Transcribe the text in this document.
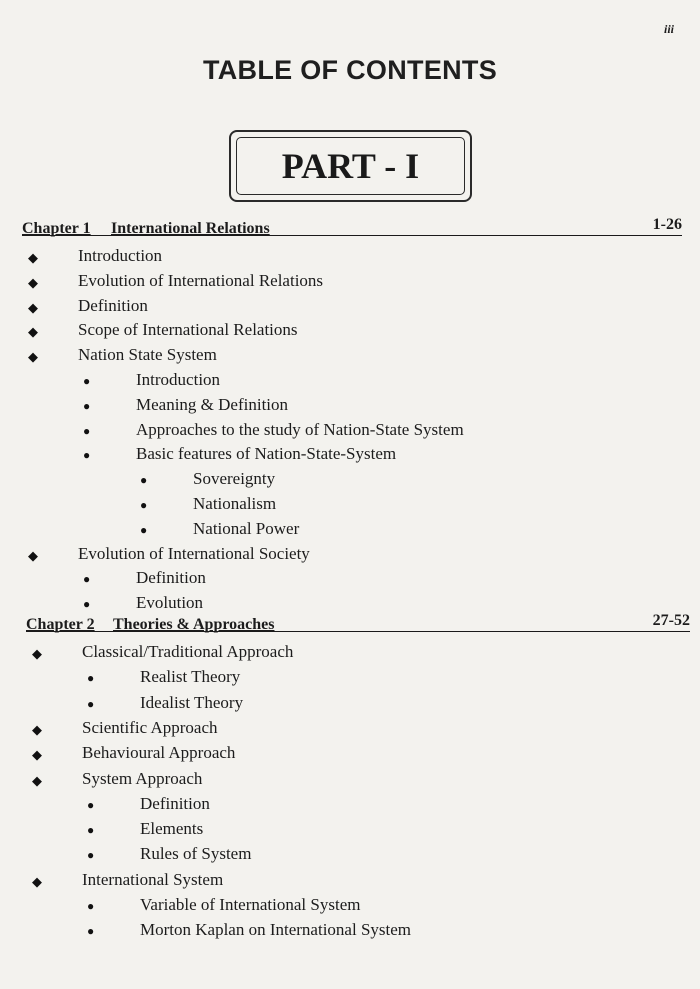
iii
TABLE OF CONTENTS
PART - I
Chapter 1 International Relations	1-26
◆ Introduction
◆ Evolution of International Relations
◆ Definition
◆ Scope of International Relations
◆ Nation State System
●	Introduction
●	Meaning & Definition
●	Approaches to the study of Nation-State System
●	Basic features of Nation-State-System
●	Sovereignty
●	Nationalism
●	National Power
◆ Evolution of International Society
●	Definition
●	Evolution
Chapter 2 Theories & Approaches	27-52
◆ Classical/Traditional Approach
●	Realist Theory
●	Idealist Theory
◆ Scientific Approach
◆ Behavioural Approach
◆ System Approach
●	Definition
●	Elements
●	Rules of System
◆ International System
●	Variable of International System
●	Morton Kaplan on International System
